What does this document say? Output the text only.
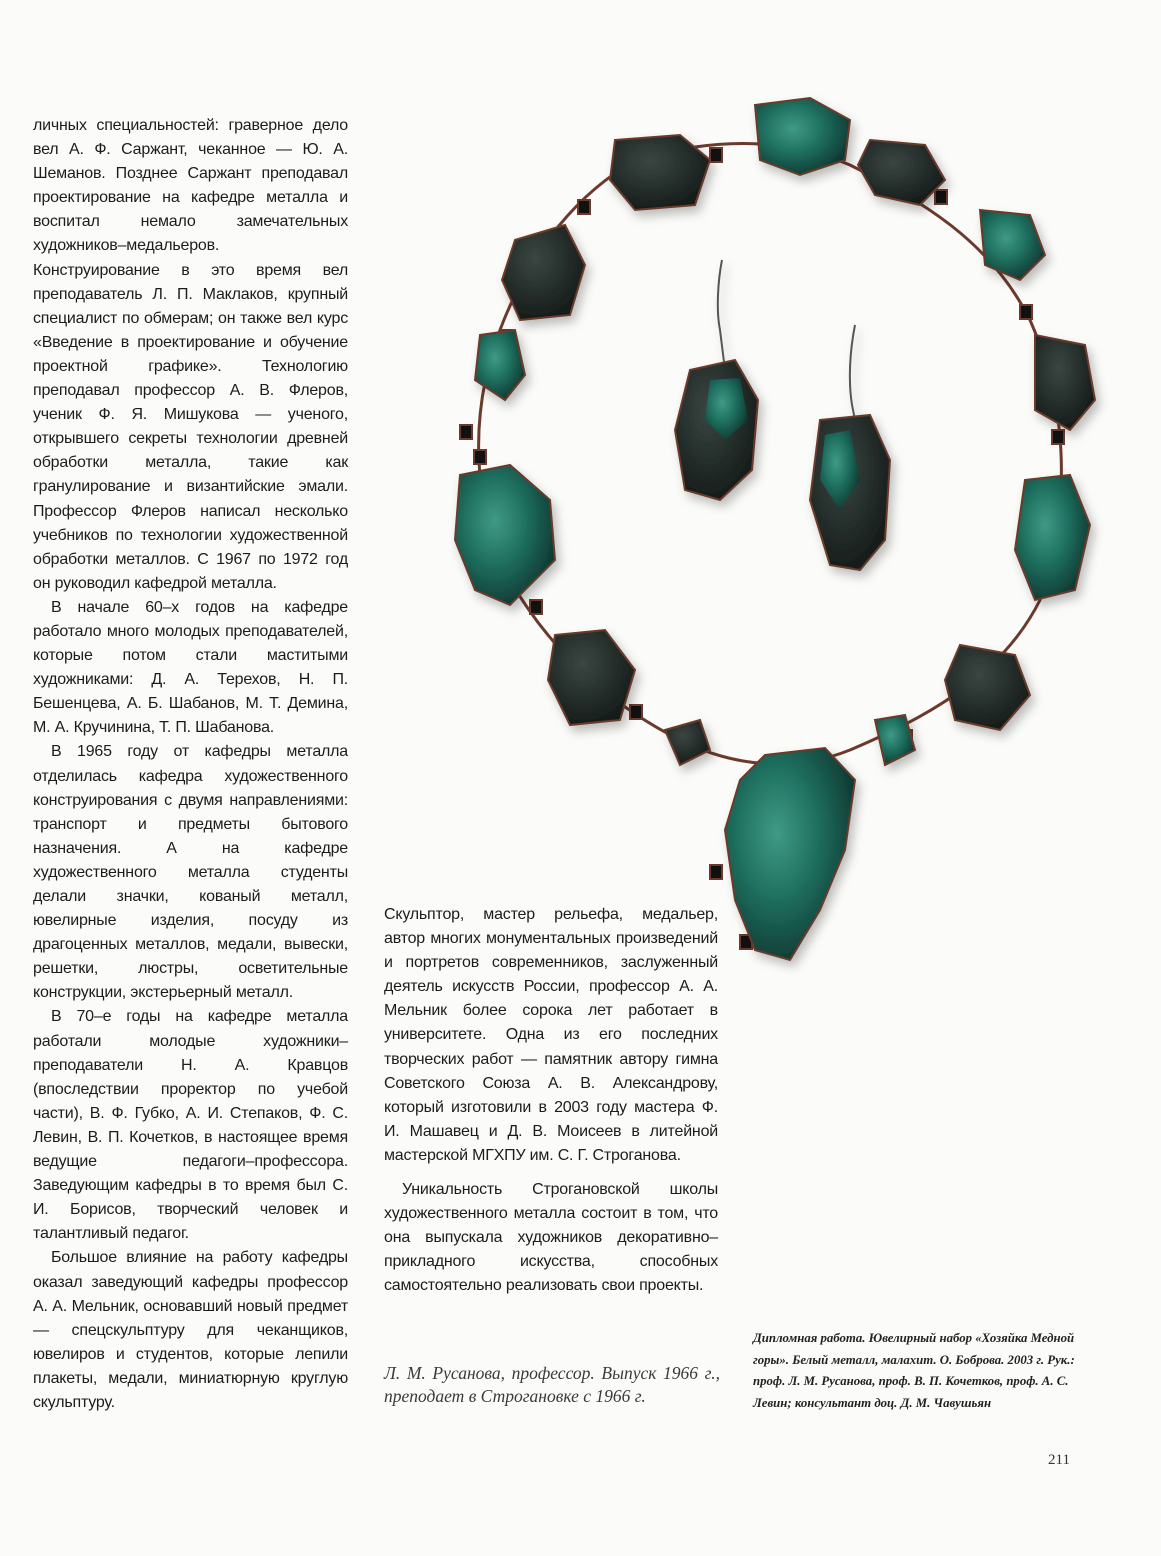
личных специальностей: граверное дело вел А. Ф. Саржант, чеканное — Ю. А. Шеманов. Позднее Саржант преподавал проектирование на кафедре металла и воспитал немало замечательных художников–медальеров. Конструирование в это время вел преподаватель Л. П. Маклаков, крупный специалист по обмерам; он также вел курс «Введение в проектирование и обучение проектной графике». Технологию преподавал профессор А. В. Флеров, ученик Ф. Я. Мишукова — ученого, открывшего секреты технологии древней обработки металла, такие как гранулирование и византийские эмали. Профессор Флеров написал несколько учебников по технологии художественной обработки металлов. С 1967 по 1972 год он руководил кафедрой металла.

В начале 60–х годов на кафедре работало много молодых преподавателей, которые потом стали маститыми художниками: Д. А. Терехов, Н. П. Бешенцева, А. Б. Шабанов, М. Т. Демина, М. А. Кручинина, Т. П. Шабанова.

В 1965 году от кафедры металла отделилась кафедра художественного конструирования с двумя направлениями: транспорт и предметы бытового назначения. А на кафедре художественного металла студенты делали значки, кованый металл, ювелирные изделия, посуду из драгоценных металлов, медали, вывески, решетки, люстры, осветительные конструкции, экстерьерный металл.

В 70–е годы на кафедре металла работали молодые художники–преподаватели Н. А. Кравцов (впоследствии проректор по учебой части), В. Ф. Губко, А. И. Степаков, Ф. С. Левин, В. П. Кочетков, в настоящее время ведущие педагоги–профессора. Заведующим кафедры в то время был С. И. Борисов, творческий человек и талантливый педагог.

Большое влияние на работу кафедры оказал заведующий кафедры профессор А. А. Мельник, основавший новый предмет — спецскульптуру для чеканщиков, ювелиров и студентов, которые лепили плакеты, медали, миниатюрную круглую скульптуру.

Скульптор, мастер рельефа, медальер, автор многих монументальных произведений и портретов современников, заслуженный деятель искусств России, профессор А. А. Мельник более сорока лет работает в университете. Одна из его последних творческих работ — памятник автору гимна Советского Союза А. В. Александрову, который изготовили в 2003 году мастера Ф. И. Машавец и Д. В. Моисеев в литейной мастерской МГХПУ им. С. Г. Строганова.

Уникальность Строгановской школы художественного металла состоит в том, что она выпускала художников декоративно–прикладного искусства, способных самостоятельно реализовать свои проекты.

Л. М. Русанова, профессор. Выпуск 1966 г., преподает в Строгановке с 1966 г.
Дипломная работа. Ювелирный набор «Хозяйка Медной горы». Белый металл, малахит. О. Боброва. 2003 г. Рук.: проф. Л. М. Русанова, проф. В. П. Кочетков, проф. А. С. Левин; консультант доц. Д. М. Чавушьян
211
